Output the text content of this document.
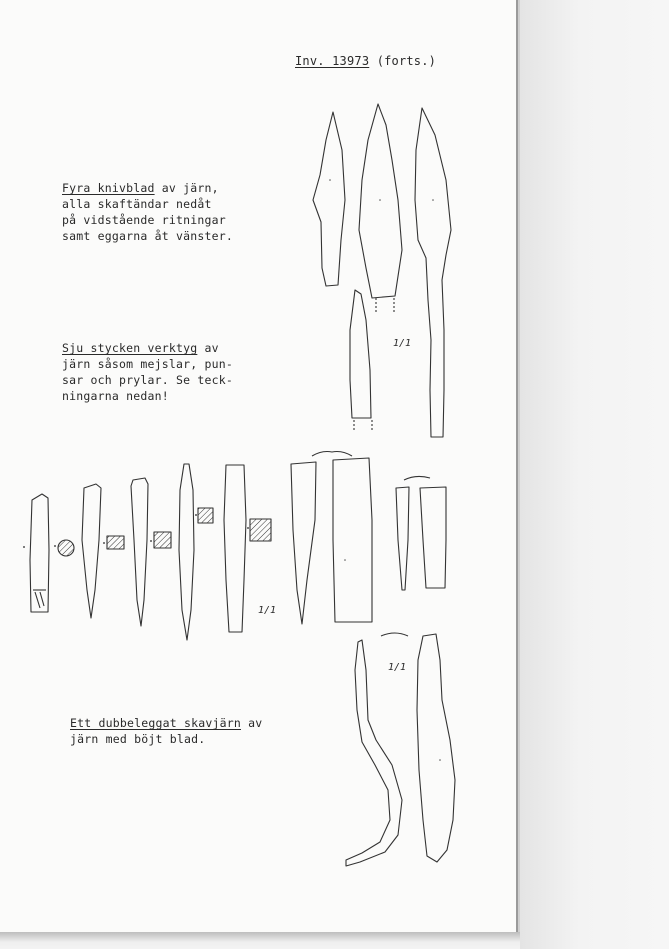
Inv. 13973 (forts.)
Fyra knivblad av järn,
alla skaftändar nedåt
på vidstående ritningar
samt eggarna åt vänster.
Sju stycken verktyg av
järn såsom mejslar, pun-
sar och prylar. Se teck-
ningarna nedan!
Ett dubbeleggat skavjärn av
järn med böjt blad.
1/1
1/1
1/1
